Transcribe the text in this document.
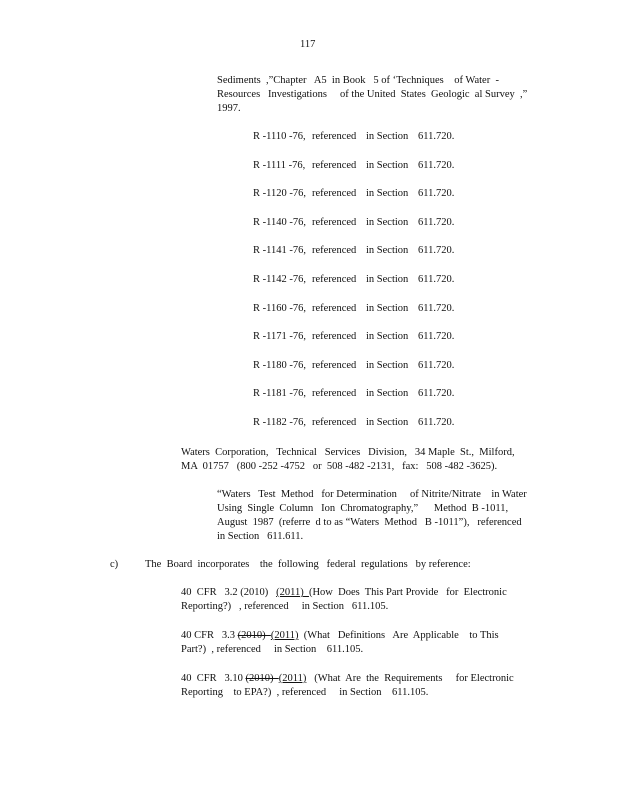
117
Sediments  ,”Chapter   A5  in Book   5 of ‘Techniques    of Water  -
Resources   Investigations     of the United  States  Geologic  al Survey  ,”
1997.
R -1110 -76, referenced in Section 611.720.
R -1111 -76, referenced in Section 611.720.
R -1120 -76, referenced in Section 611.720.
R -1140 -76, referenced in Section 611.720.
R -1141 -76, referenced in Section 611.720.
R -1142 -76, referenced in Section 611.720.
R -1160 -76, referenced in Section 611.720.
R -1171 -76, referenced in Section 611.720.
R -1180 -76, referenced in Section 611.720.
R -1181 -76, referenced in Section 611.720.
R -1182 -76, referenced in Section 611.720.
Waters  Corporation,   Technical   Services   Division,   34 Maple  St.,  Milford,
MA  01757   (800 -252 -4752   or  508 -482 -2131,   fax:   508 -482 -3625).
“Waters   Test  Method   for Determination     of Nitrite/Nitrate    in Water
Using  Single  Column   Ion  Chromatography,”      Method  B -1011,
August  1987  (referre  d to as “Waters  Method   B -1011”),   referenced
in Section   611.611.
c)	The  Board  incorporates    the  following   federal  regulations   by reference:
40  CFR   3.2 (2010)   (2011)  (How  Does  This Part Provide   for  Electronic
Reporting?)   , referenced     in Section   611.105.
40 CFR   3.3 (2010)  (2011)  (What   Definitions   Are  Applicable    to This
Part?)  , referenced     in Section    611.105.
40  CFR   3.10 (2010)  (2011)   (What  Are  the  Requirements     for Electronic
Reporting    to EPA?)  , referenced     in Section    611.105.
